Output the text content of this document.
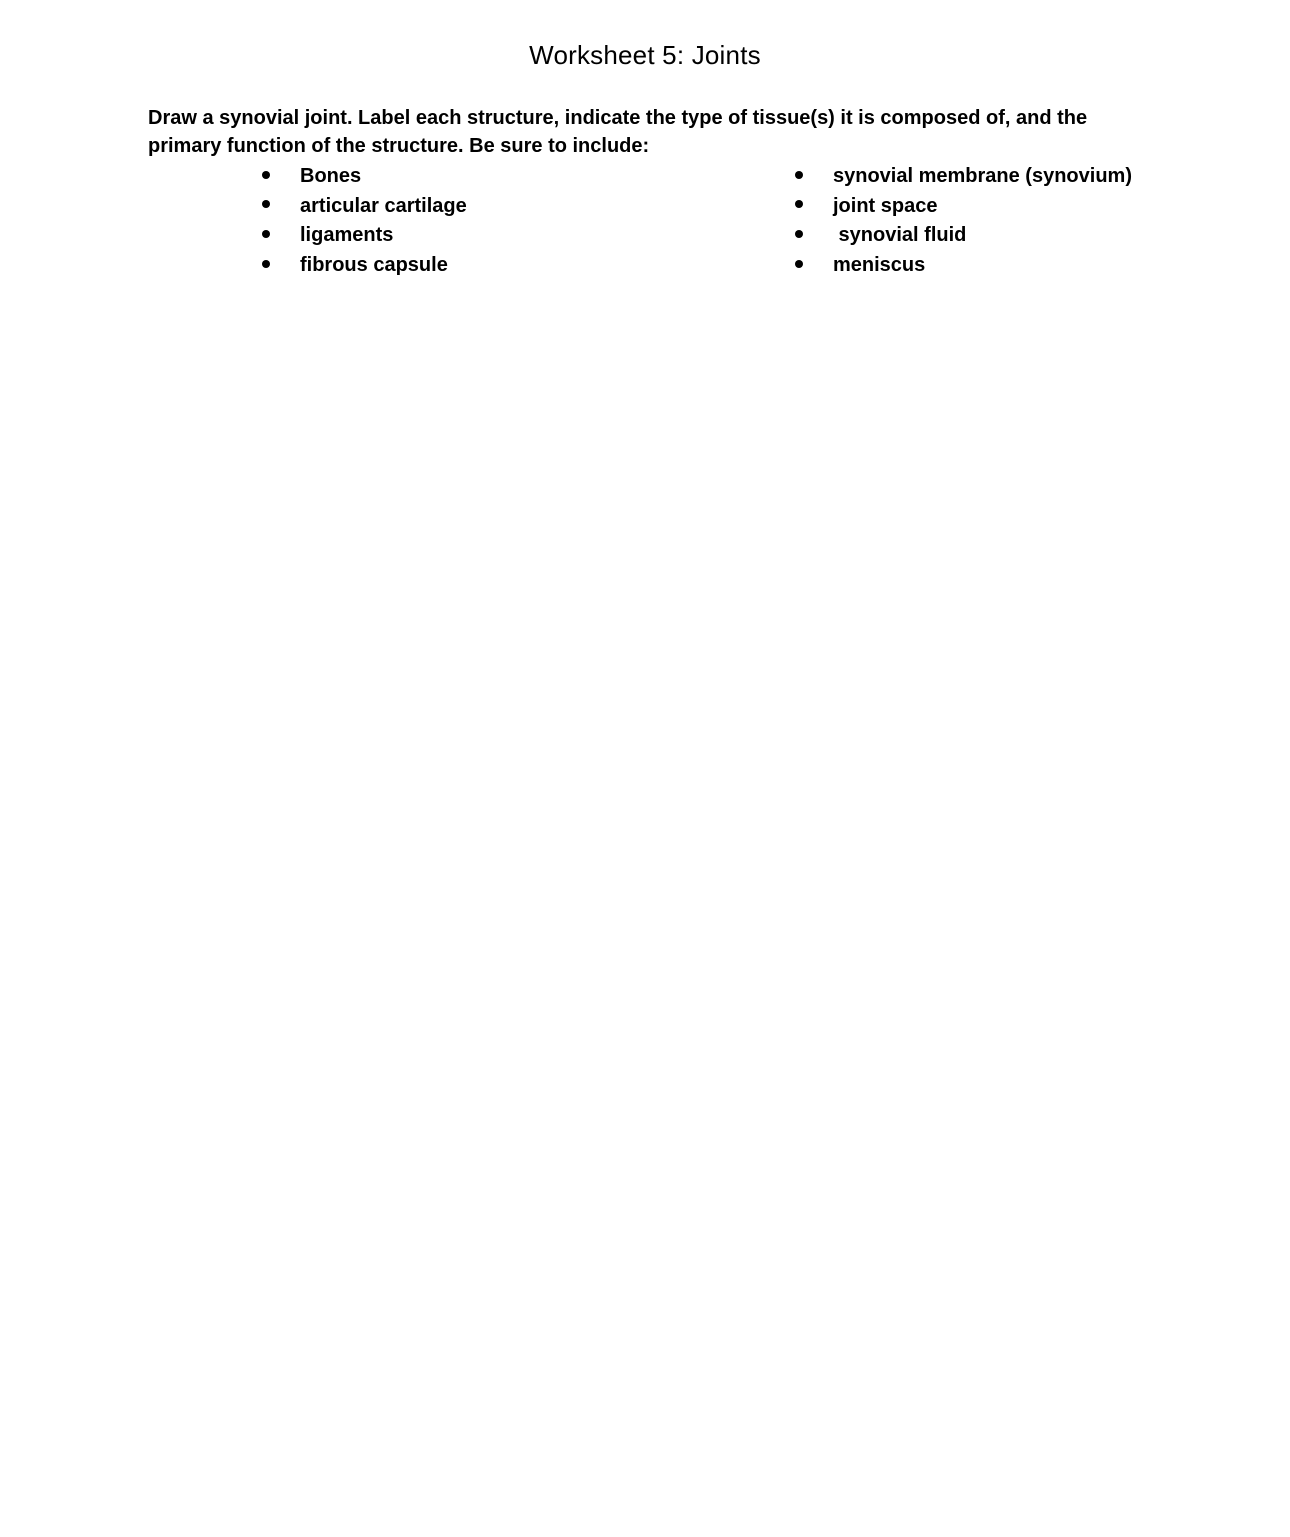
Worksheet 5: Joints
Draw a synovial joint. Label each structure, indicate the type of tissue(s) it is composed of, and the
primary function of the structure. Be sure to include:
Bones
articular cartilage
ligaments
fibrous capsule
synovial membrane (synovium)
joint space
synovial fluid
meniscus
